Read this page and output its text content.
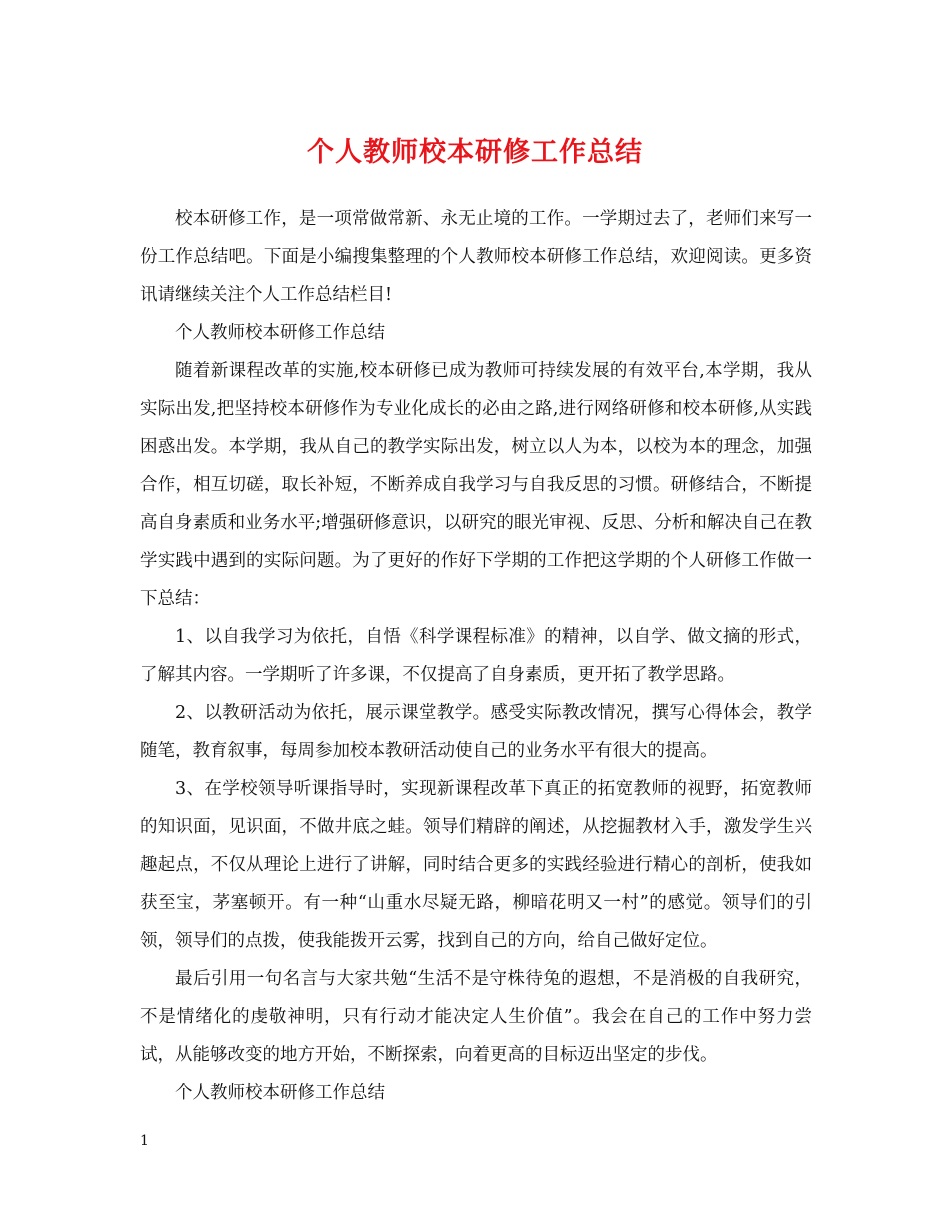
个人教师校本研修工作总结

校本研修工作，是一项常做常新、永无止境的工作。一学期过去了，老师们来写一份工作总结吧。下面是小编搜集整理的个人教师校本研修工作总结，欢迎阅读。更多资讯请继续关注个人工作总结栏目!

个人教师校本研修工作总结

随着新课程改革的实施,校本研修已成为教师可持续发展的有效平台,本学期，我从实际出发,把坚持校本研修作为专业化成长的必由之路,进行网络研修和校本研修,从实践困惑出发。本学期，我从自己的教学实际出发，树立以人为本，以校为本的理念，加强合作，相互切磋，取长补短，不断养成自我学习与自我反思的习惯。研修结合，不断提高自身素质和业务水平;增强研修意识，以研究的眼光审视、反思、分析和解决自己在教学实践中遇到的实际问题。为了更好的作好下学期的工作把这学期的个人研修工作做一下总结：

1、以自我学习为依托，自悟《科学课程标准》的精神，以自学、做文摘的形式，了解其内容。一学期听了许多课，不仅提高了自身素质，更开拓了教学思路。

2、以教研活动为依托，展示课堂教学。感受实际教改情况，撰写心得体会，教学随笔，教育叙事，每周参加校本教研活动使自己的业务水平有很大的提高。

3、在学校领导听课指导时，实现新课程改革下真正的拓宽教师的视野，拓宽教师的知识面，见识面，不做井底之蛙。领导们精辟的阐述，从挖掘教材入手，激发学生兴趣起点，不仅从理论上进行了讲解，同时结合更多的实践经验进行精心的剖析，使我如获至宝，茅塞顿开。有一种“山重水尽疑无路，柳暗花明又一村”的感觉。领导们的引领，领导们的点拨，使我能拨开云雾，找到自己的方向，给自己做好定位。

最后引用一句名言与大家共勉“生活不是守株待兔的遐想，不是消极的自我研究，不是情绪化的虔敬神明，只有行动才能决定人生价值”。我会在自己的工作中努力尝试，从能够改变的地方开始，不断探索，向着更高的目标迈出坚定的步伐。

个人教师校本研修工作总结

1
